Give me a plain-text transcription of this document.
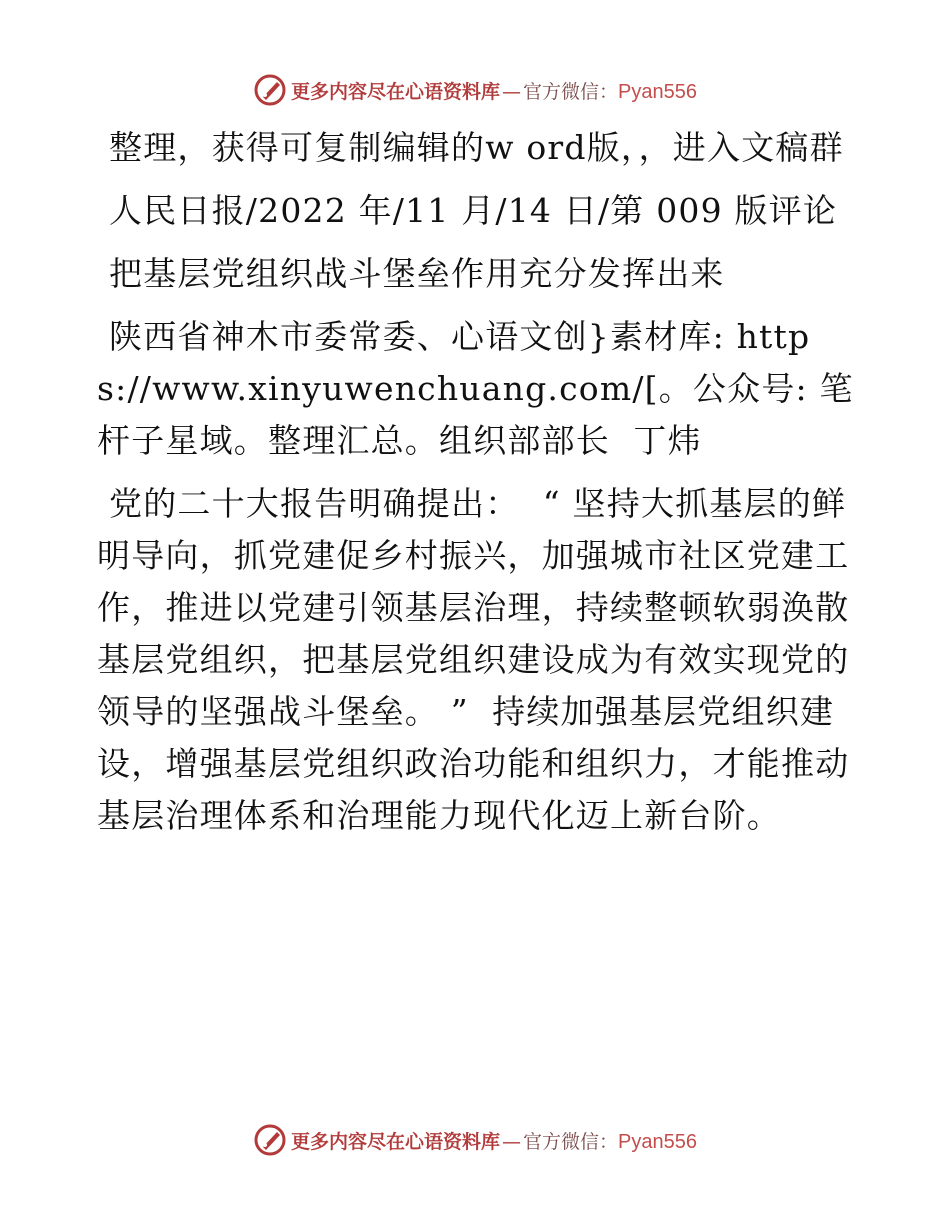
更多内容尽在心语资料库 — 官方微信： Pyan556

整理，获得可复制编辑的w ord版，，进入文稿群

人民日报/2022 年/11 月/14 日/第 009 版评论

把基层党组织战斗堡垒作用充分发挥出来

陕西省神木市委常委、心语文创}素材库: https://www.xinyuwenchuang.com/[。公众号: 笔杆子星域。整理汇总。组织部部长  丁炜

党的二十大报告明确提出：  “ 坚持大抓基层的鲜明导向，抓党建促乡村振兴，加强城市社区党建工作，推进以党建引领基层治理，持续整顿软弱涣散基层党组织，把基层党组织建设成为有效实现党的领导的坚强战斗堡垒。 ”  持续加强基层党组织建设，增强基层党组织政治功能和组织力，才能推动基层治理体系和治理能力现代化迈上新台阶。

更多内容尽在心语资料库 — 官方微信： Pyan556
